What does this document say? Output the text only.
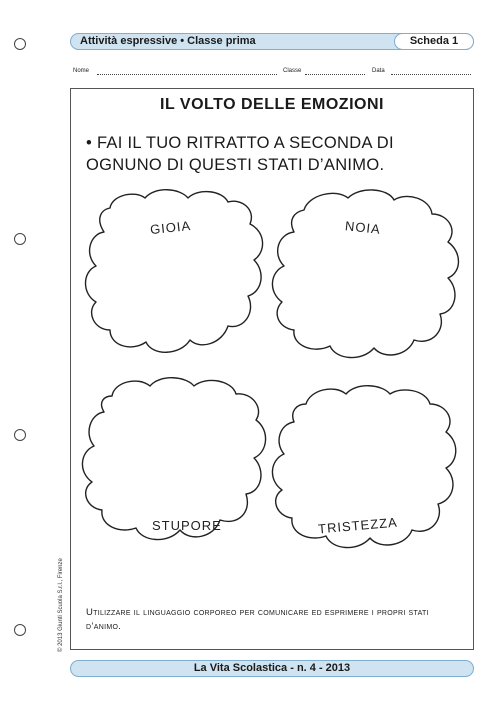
Attività espressive • Classe prima	Scheda 1
Nome	Classe	Data
IL VOLTO DELLE EMOZIONI
• FAI IL TUO RITRATTO A SECONDA DI OGNUNO DI QUESTI STATI D’ANIMO.
GIOIA	NOIA
STUPORE	TRISTEZZA
Utilizzare il linguaggio corporeo per comunicare ed esprimere i propri stati d’animo.
La Vita Scolastica - n. 4 - 2013
© 2013 Giunti Scuola S.r.l., Firenze
